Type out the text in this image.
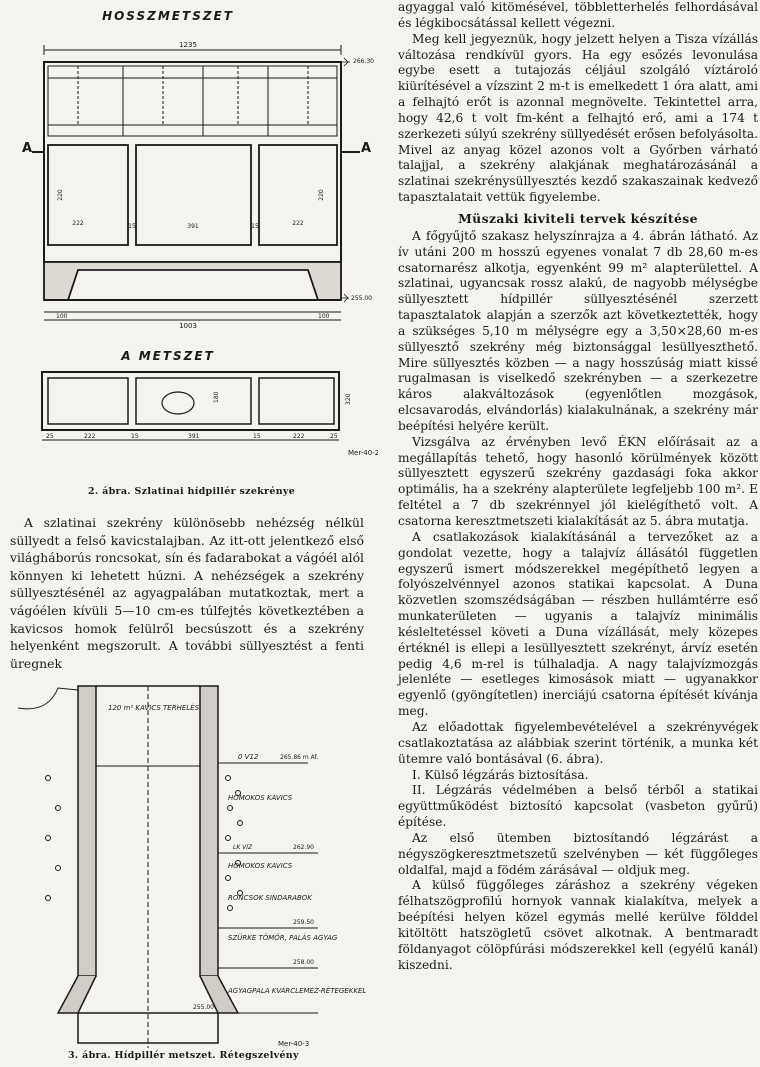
HOSSZMETSZET
1235
A	A
222	391	222
15	15
220	220
266.30
255.00
100	100
1003
A METSZET
180	320
25	222	15	391	15	222	25
Mer-40-2
2. ábra. Szlatinai hídpillér szekrénye

A szlatinai szekrény különösebb nehézség nélkül süllyedt a felső kavicstalajban. Az itt-ott jelentkező első világháborús roncsokat, sín és fadarabokat a vágóél alól könnyen ki lehetett húzni. A nehézségek a szekrény süllyesztésénél az agyagpalában mutatkoztak, mert a vágóélen kívüli 5—10 cm-es túlfejtés következtében a kavicsos homok felülről becsúszott és a szekrény helyenként megszorult. A további süllyesztést a fenti üregnek

120 m² KAVICS TERHELÉS
0 V12	265.86 m Af.
HOMOKOS KAVICS
LK VIZ	262.90
HOMOKOS KAVICS
RONCSOK SINDARABOK
259.50
SZÜRKE TÖMÖR, PALÁS AGYAG
258.00
AGYAGPALA KVARCLEMEZ-RÉTEGEKKEL
255.00
Mer-40-3
3. ábra. Hídpillér metszet. Rétegszelvény

agyaggal való kitömésével, többletterhelés felhordásával és légkibocsátással kellett végezni.

Meg kell jegyeznük, hogy jelzett helyen a Tisza vízállás változása rendkívül gyors. Ha egy esőzés levonulása egybe esett a tutajozás céljául szolgáló víztároló kiürítésével a vízszint 2 m-t is emelkedett 1 óra alatt, ami a felhajtó erőt is azonnal megnövelte. Tekintettel arra, hogy 42,6 t volt fm-ként a felhajtó erő, ami a 174 t szerkezeti súlyú szekrény süllyedését erősen befolyásolta. Mivel az anyag közel azonos volt a Győrben várható talajjal, a szekrény alakjának meghatározásánál a szlatinai szekrénysüllyesztés kezdő szakaszainak kedvező tapasztalatait vettük figyelembe.

Müszaki kiviteli tervek készítése

A főgyűjtő szakasz helyszínrajza a 4. ábrán látható. Az ív utáni 200 m hosszú egyenes vonalat 7 db 28,60 m-es csatornarész alkotja, egyenként 99 m² alapterülettel. A szlatinai, ugyancsak rossz alakú, de nagyobb mélységbe süllyesztett hídpillér süllyesztésénél szerzett tapasztalatok alapján a szerzők azt következtették, hogy a szükséges 5,10 m mélységre egy a 3,50×28,60 m-es süllyesztő szekrény még biztonsággal lesüllyeszthető. Mire süllyesztés közben — a nagy hosszúság miatt kissé rugalmasan is viselkedő szekrényben — a szerkezetre káros alakváltozások (egyenlőtlen mozgások, elcsavarodás, elvándorlás) kialakulnának, a szekrény már beépítési helyére került.

Vizsgálva az érvényben levő ÉKN előírásait az a megállapítás tehető, hogy hasonló körülmények között süllyesztett egyszerű szekrény gazdasági foka akkor optimális, ha a szekrény alapterülete legfeljebb 100 m². E feltétel a 7 db szekrénnyel jól kielégíthető volt. A csatorna keresztmetszeti kialakítását az 5. ábra mutatja.

A csatlakozások kialakításánál a tervezőket az a gondolat vezette, hogy a talajvíz állásától független egyszerű ismert módszerekkel megépíthető legyen a folyószelvénnyel azonos statikai kapcsolat. A Duna közvetlen szomszédságában — részben hullámtérre eső munkaterületen — ugyanis a talajvíz minimális késleltetéssel követi a Duna vízállását, mely közepes értéknél is ellepi a lesüllyesztett szekrényt, árvíz esetén pedig 4,6 m-rel is túlhaladja. A nagy talajvízmozgás jelenléte — esetleges kimosások miatt — ugyanakkor egyenlő (gyöngítetlen) inerciájú csatorna építését kívánja meg.

Az előadottak figyelembevételével a szekrényvégek csatlakoztatása az alábbiak szerint történik, a munka két ütemre való bontásával (6. ábra).

I. Külső légzárás biztosítása.

II. Légzárás védelmében a belső térből a statikai együttműködést biztosító kapcsolat (vasbeton gyűrű) építése.

Az első ütemben biztosítandó légzárást a négyszögkeresztmetszetű szelvényben — két függőleges oldalfal, majd a födém zárásával — oldjuk meg.

A külső függőleges záráshoz a szekrény végeken félhatszögprofilú hornyok vannak kialakítva, melyek a beépítési helyen közel egymás mellé kerülve földdel kitöltött hatszögletű csövet alkotnak. A bentmaradt földanyagot cölöpfúrási módszerekkel kell (egyélű kanál) kiszedni.
